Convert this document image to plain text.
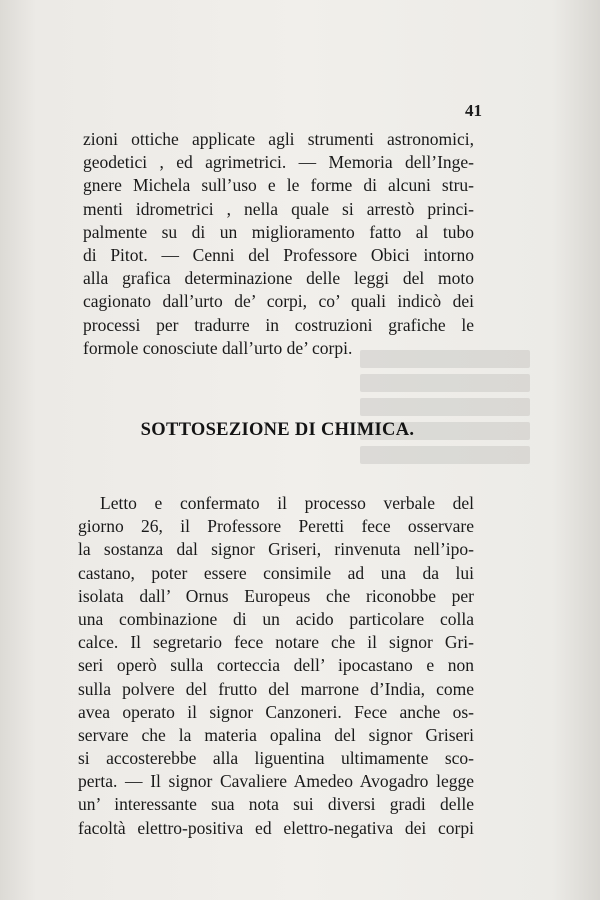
41

zioni ottiche applicate agli strumenti astronomici,
geodetici , ed agrimetrici. — Memoria dell’Inge-
gnere Michela sull’uso e le forme di alcuni stru-
menti idrometrici , nella quale si arrestò princi-
palmente su di un miglioramento fatto al tubo
di Pitot. — Cenni del Professore Obici intorno
alla grafica determinazione delle leggi del moto
cagionato dall’urto de’ corpi, co’ quali indicò dei
processi per tradurre in costruzioni grafiche le
formole conosciute dall’urto de’ corpi.

SOTTOSEZIONE DI CHIMICA.

Letto e confermato il processo verbale del
giorno 26, il Professore Peretti fece osservare
la sostanza dal signor Griseri, rinvenuta nell’ipo-
castano, poter essere consimile ad una da lui
isolata dall’ Ornus Europeus che riconobbe per
una combinazione di un acido particolare colla
calce. Il segretario fece notare che il signor Gri-
seri operò sulla corteccia dell’ ipocastano e non
sulla polvere del frutto del marrone d’India, come
avea operato il signor Canzoneri. Fece anche os-
servare che la materia opalina del signor Griseri
si accosterebbe alla liguentina ultimamente sco-
perta. — Il signor Cavaliere Amedeo Avogadro legge
un’ interessante sua nota sui diversi gradi delle
facoltà elettro-positiva ed elettro-negativa dei corpi
